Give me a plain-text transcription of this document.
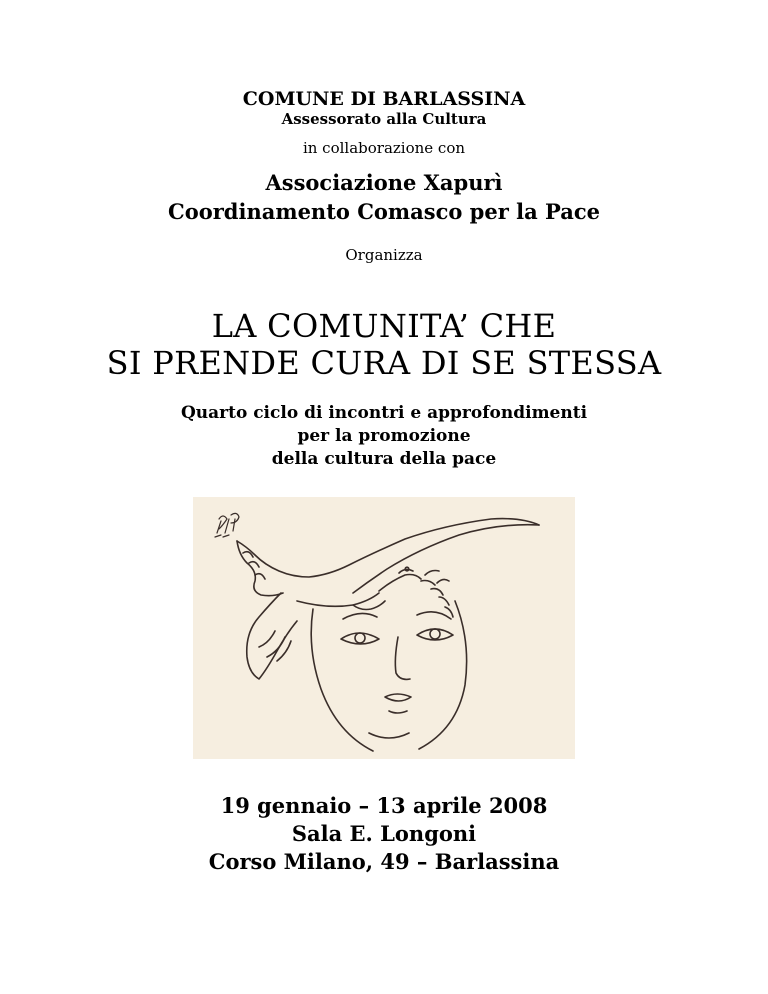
COMUNE DI BARLASSINA
Assessorato alla Cultura
in collaborazione con
Associazione Xapurì
Coordinamento Comasco per la Pace
Organizza
LA COMUNITA’ CHE
SI PRENDE CURA DI SE STESSA
Quarto ciclo di incontri e approfondimenti
per la promozione
della cultura della pace
19 gennaio – 13 aprile 2008
Sala E. Longoni
Corso Milano, 49 – Barlassina
